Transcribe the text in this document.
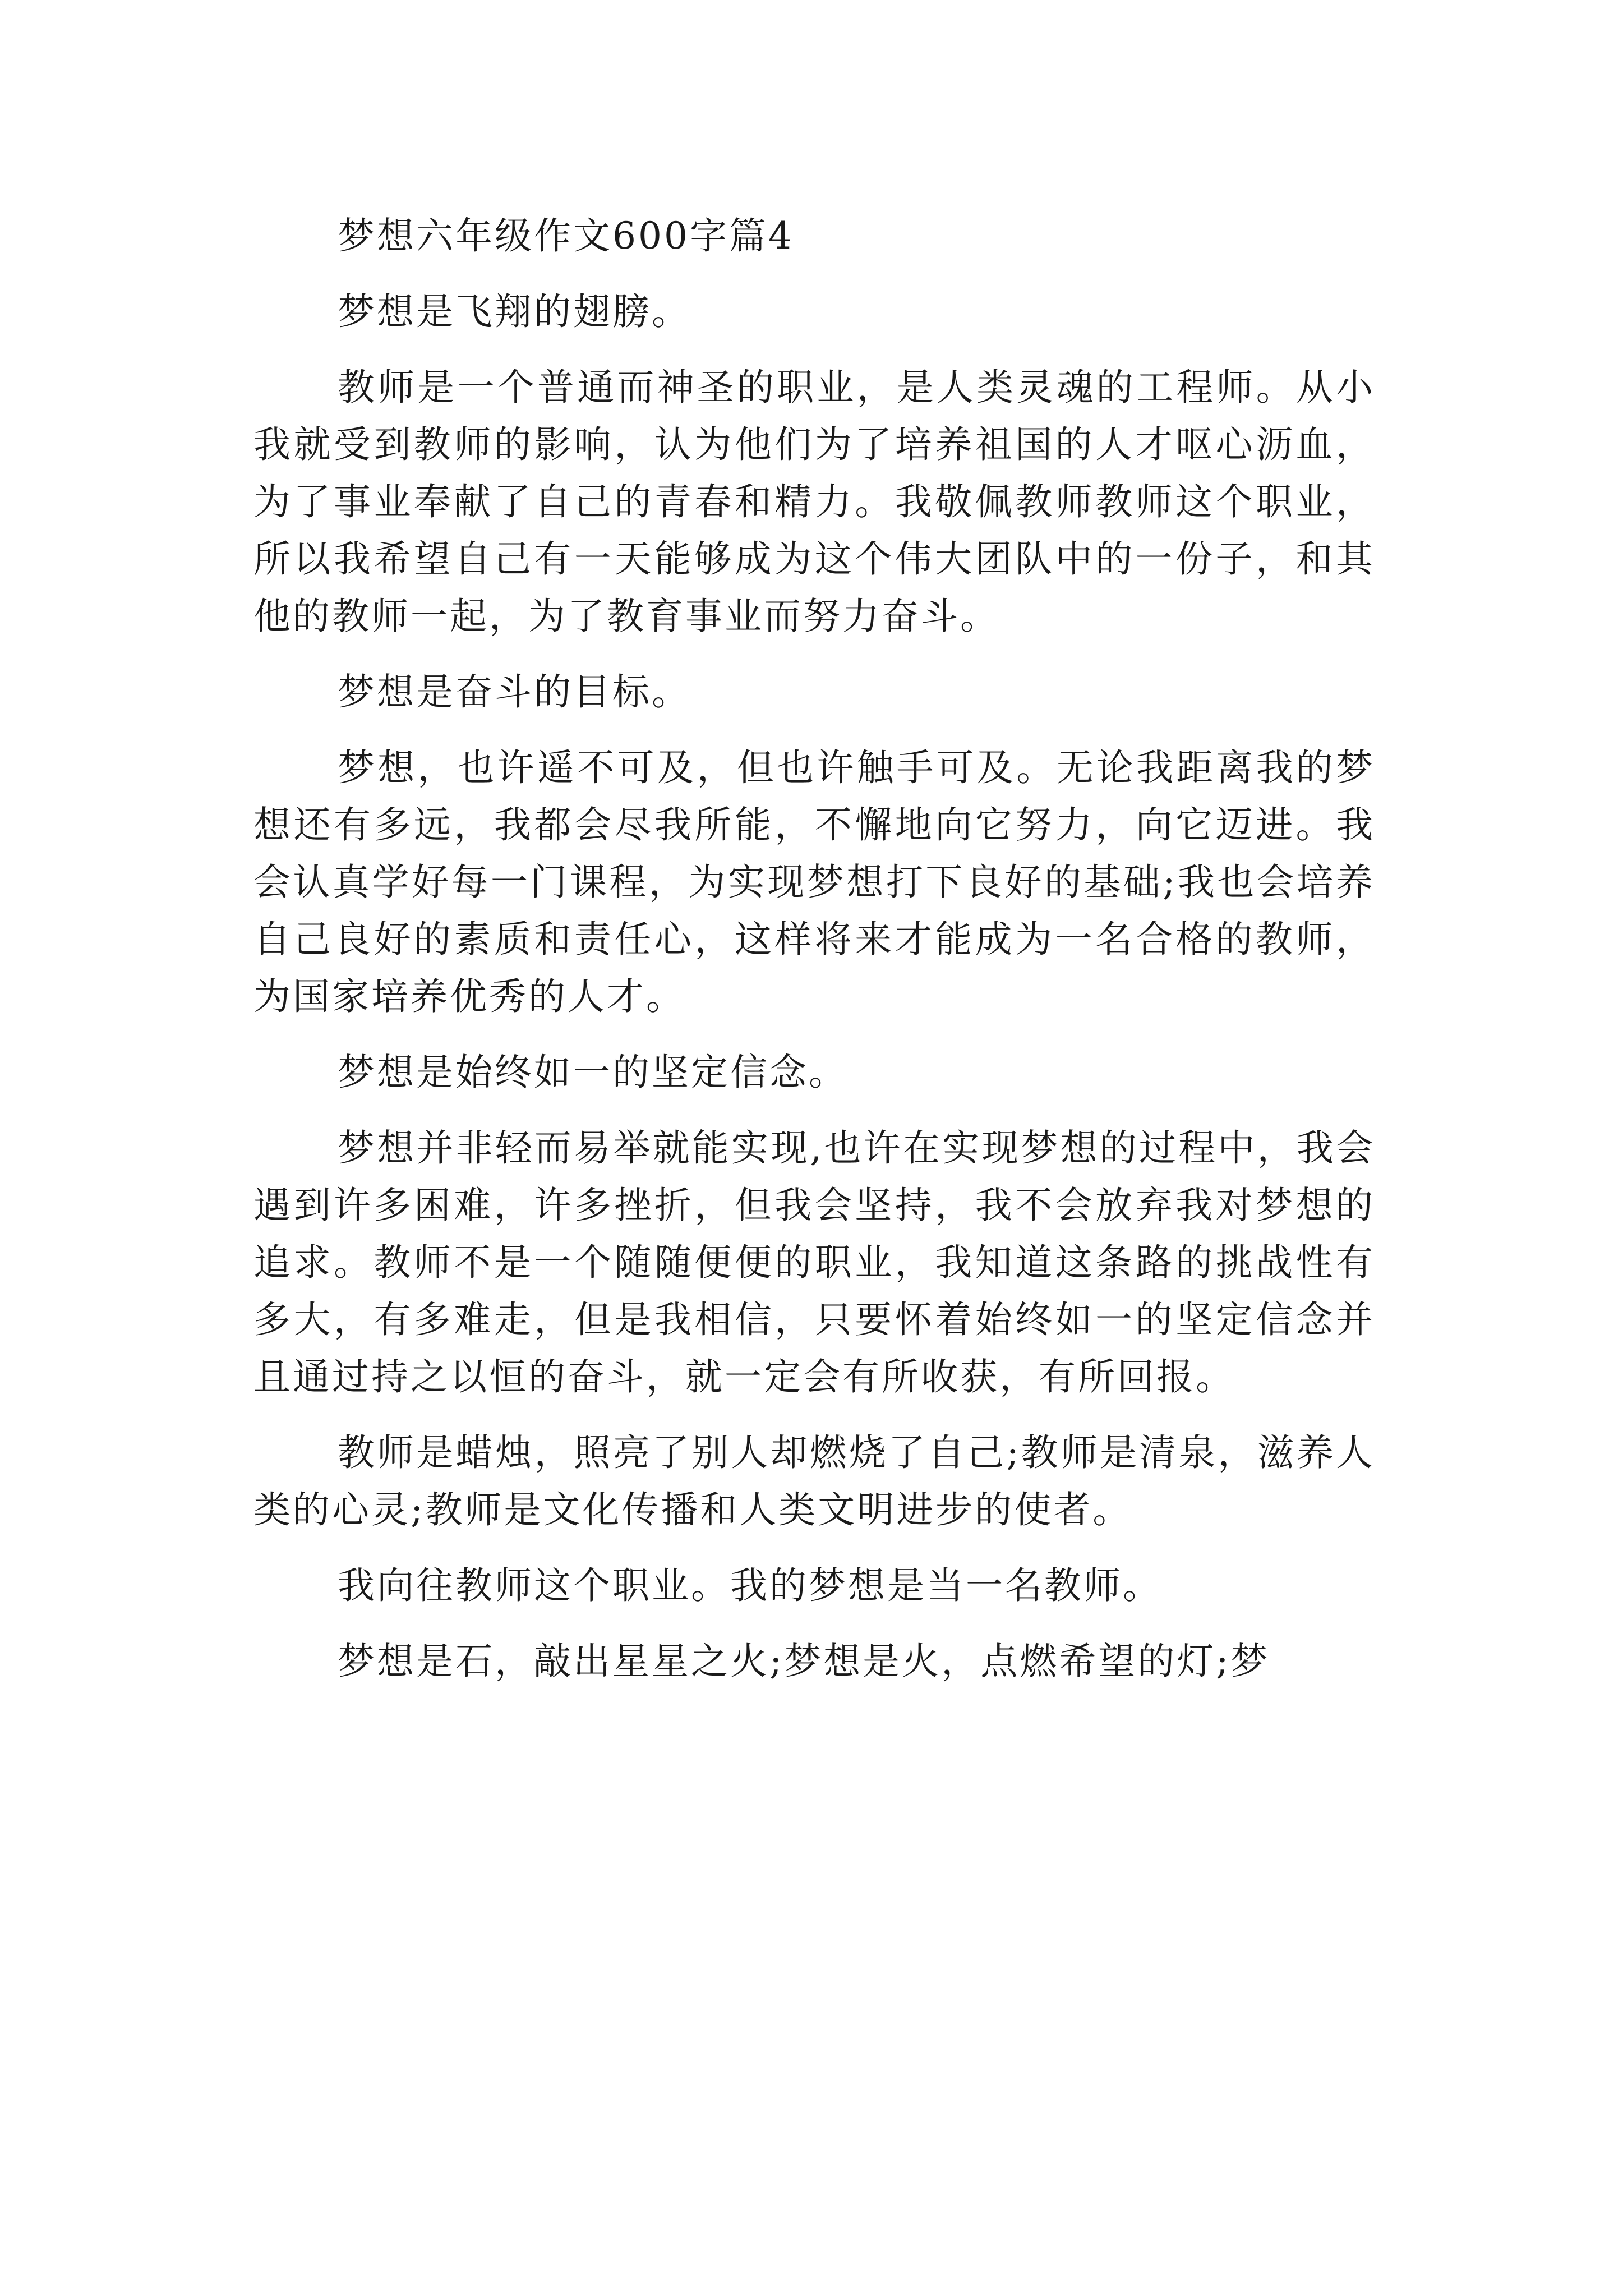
梦想六年级作文600字篇4

梦想是飞翔的翅膀。

教师是一个普通而神圣的职业，是人类灵魂的工程师。从小我就受到教师的影响，认为他们为了培养祖国的人才呕心沥血，为了事业奉献了自己的青春和精力。我敬佩教师教师这个职业，所以我希望自己有一天能够成为这个伟大团队中的一份子，和其他的教师一起，为了教育事业而努力奋斗。

梦想是奋斗的目标。

梦想，也许遥不可及，但也许触手可及。无论我距离我的梦想还有多远，我都会尽我所能，不懈地向它努力，向它迈进。我会认真学好每一门课程，为实现梦想打下良好的基础;我也会培养自己良好的素质和责任心，这样将来才能成为一名合格的教师，为国家培养优秀的人才。

梦想是始终如一的坚定信念。

梦想并非轻而易举就能实现,也许在实现梦想的过程中，我会遇到许多困难，许多挫折，但我会坚持，我不会放弃我对梦想的追求。教师不是一个随随便便的职业，我知道这条路的挑战性有多大，有多难走，但是我相信，只要怀着始终如一的坚定信念并且通过持之以恒的奋斗，就一定会有所收获，有所回报。

教师是蜡烛，照亮了别人却燃烧了自己;教师是清泉，滋养人类的心灵;教师是文化传播和人类文明进步的使者。

我向往教师这个职业。我的梦想是当一名教师。

梦想是石，敲出星星之火;梦想是火，点燃希望的灯;梦
